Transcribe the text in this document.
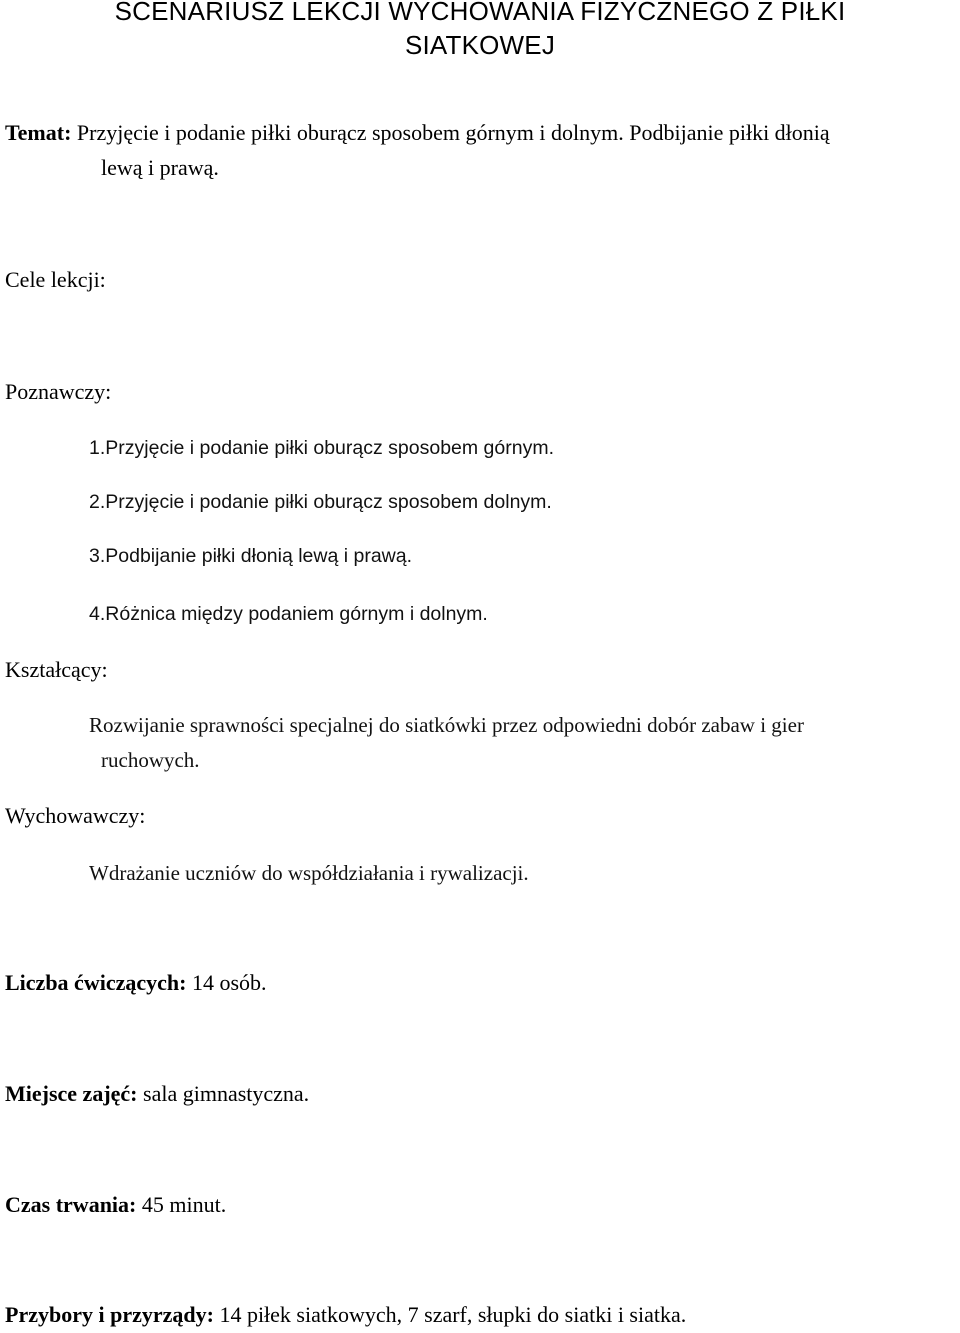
SCENARIUSZ LEKCJI WYCHOWANIA FIZYCZNEGO Z PIŁKI
SIATKOWEJ
Temat: Przyjęcie i podanie piłki oburącz sposobem górnym i dolnym. Podbijanie piłki dłonią
lewą i prawą.
Cele lekcji:
Poznawczy:
1.Przyjęcie i podanie piłki oburącz sposobem górnym.
2.Przyjęcie i podanie piłki oburącz sposobem dolnym.
3.Podbijanie piłki dłonią lewą i prawą.
4.Różnica między podaniem górnym i dolnym.
Kształcący:
Rozwijanie sprawności specjalnej do siatkówki przez odpowiedni dobór zabaw i gier
ruchowych.
Wychowawczy:
Wdrażanie uczniów do współdziałania i rywalizacji.
Liczba ćwiczących: 14 osób.
Miejsce zajęć: sala gimnastyczna.
Czas trwania: 45 minut.
Przybory i przyrządy: 14 piłek siatkowych, 7 szarf, słupki do siatki i siatka.
